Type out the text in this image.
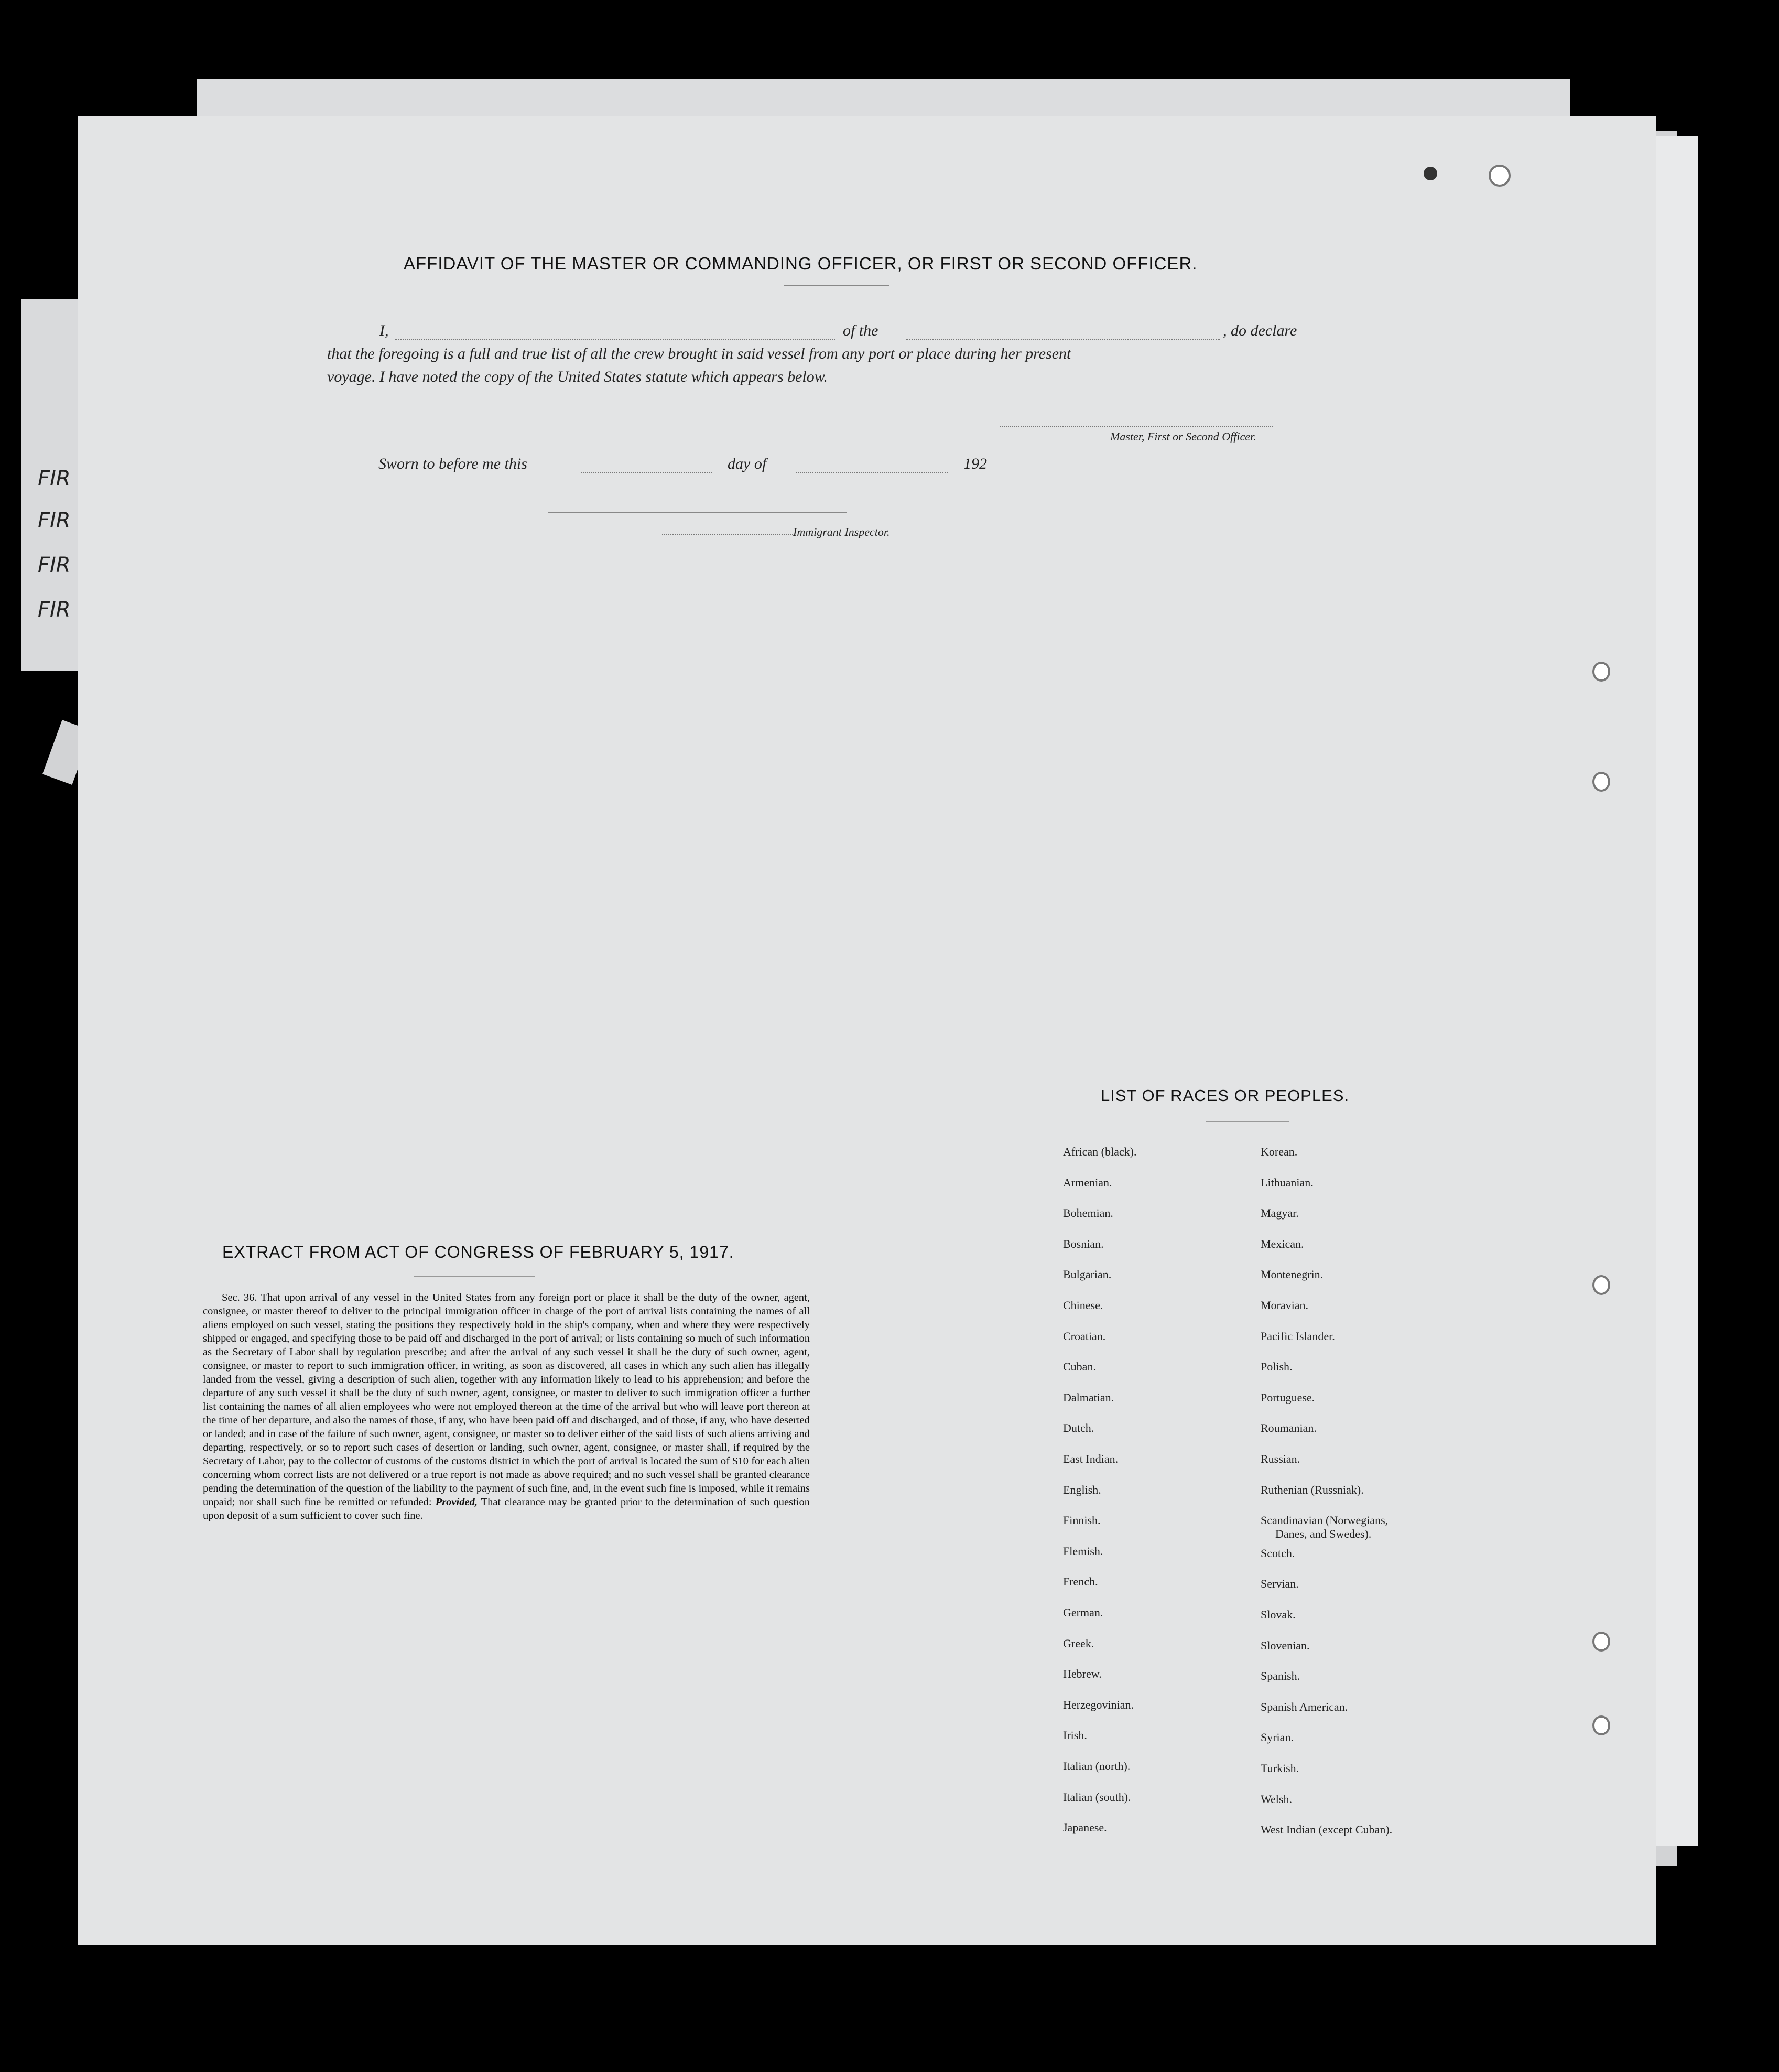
FIR
FIR
FIR
FIR
AFFIDAVIT OF THE MASTER OR COMMANDING OFFICER, OR FIRST OR SECOND OFFICER.
I,	of the	, do declare
that the foregoing is a full and true list of all the crew brought in said vessel from any port or place during her present
voyage. I have noted the copy of the United States statute which appears below.
Master, First or Second Officer.
Sworn to before me this	day of	192
Immigrant Inspector.
LIST OF RACES OR PEOPLES.
EXTRACT FROM ACT OF CONGRESS OF FEBRUARY 5, 1917.
Sec. 36. That upon arrival of any vessel in the United States from any foreign port or place it shall be the duty of the owner, agent, consignee, or master thereof to deliver to the principal immigration officer in charge of the port of arrival lists containing the names of all aliens employed on such vessel, stating the positions they respectively hold in the ship's company, when and where they were respectively shipped or engaged, and specifying those to be paid off and discharged in the port of arrival; or lists containing so much of such information as the Secretary of Labor shall by regulation prescribe; and after the arrival of any such vessel it shall be the duty of such owner, agent, consignee, or master to report to such immigration officer, in writing, as soon as discovered, all cases in which any such alien has illegally landed from the vessel, giving a description of such alien, together with any information likely to lead to his apprehension; and before the departure of any such vessel it shall be the duty of such owner, agent, consignee, or master to deliver to such immigration officer a further list containing the names of all alien employees who were not employed thereon at the time of the arrival but who will leave port thereon at the time of her departure, and also the names of those, if any, who have been paid off and discharged, and of those, if any, who have deserted or landed; and in case of the failure of such owner, agent, consignee, or master so to deliver either of the said lists of such aliens arriving and departing, respectively, or so to report such cases of desertion or landing, such owner, agent, consignee, or master shall, if required by the Secretary of Labor, pay to the collector of customs of the customs district in which the port of arrival is located the sum of $10 for each alien concerning whom correct lists are not delivered or a true report is not made as above required; and no such vessel shall be granted clearance pending the determination of the question of the liability to the payment of such fine, and, in the event such fine is imposed, while it remains unpaid; nor shall such fine be remitted or refunded: Provided, That clearance may be granted prior to the determination of such question upon deposit of a sum sufficient to cover such fine.
African (black).
Armenian.
Bohemian.
Bosnian.
Bulgarian.
Chinese.
Croatian.
Cuban.
Dalmatian.
Dutch.
East Indian.
English.
Finnish.
Flemish.
French.
German.
Greek.
Hebrew.
Herzegovinian.
Irish.
Italian (north).
Italian (south).
Japanese.
Korean.
Lithuanian.
Magyar.
Mexican.
Montenegrin.
Moravian.
Pacific Islander.
Polish.
Portuguese.
Roumanian.
Russian.
Ruthenian (Russniak).
Scandinavian (Norwegians,
Scotch.
Servian.
Slovak.
Slovenian.
Spanish.
Spanish American.
Syrian.
Turkish.
Welsh.
West Indian (except Cuban).
Danes, and Swedes).
